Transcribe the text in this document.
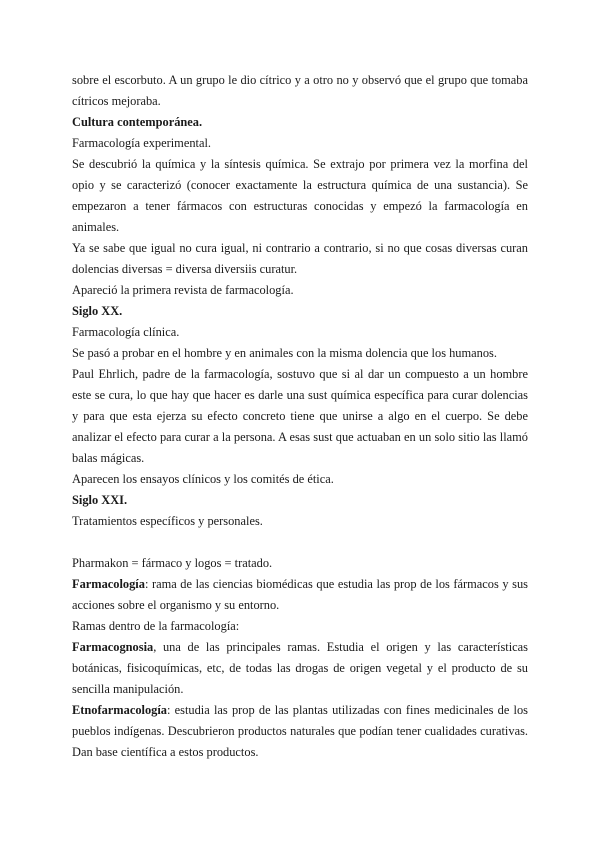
sobre el escorbuto. A un grupo le dio cítrico y a otro no y observó que el grupo que tomaba cítricos mejoraba.

Cultura contemporánea.

Farmacología experimental.

Se descubrió la química y la síntesis química. Se extrajo por primera vez la morfina del opio y se caracterizó (conocer exactamente la estructura química de una sustancia). Se empezaron a tener fármacos con estructuras conocidas y empezó la farmacología en animales.

Ya se sabe que igual no cura igual, ni contrario a contrario, si no que cosas diversas curan dolencias diversas = diversa diversiis curatur.

Apareció la primera revista de farmacología.

Siglo XX.

Farmacología clínica.

Se pasó a probar en el hombre y en animales con la misma dolencia que los humanos.

Paul Ehrlich, padre de la farmacología, sostuvo que si al dar un compuesto a un hombre este se cura, lo que hay que hacer es darle una sust química específica para curar dolencias y para que esta ejerza su efecto concreto tiene que unirse a algo en el cuerpo. Se debe analizar el efecto para curar a la persona. A esas sust que actuaban en un solo sitio las llamó balas mágicas.

Aparecen los ensayos clínicos y los comités de ética.

Siglo XXI.

Tratamientos específicos y personales.

Pharmakon = fármaco y logos = tratado.

Farmacología: rama de las ciencias biomédicas que estudia las prop de los fármacos y sus acciones sobre el organismo y su entorno.

Ramas dentro de la farmacología:

Farmacognosia, una de las principales ramas. Estudia el origen y las características botánicas, fisicoquímicas, etc, de todas las drogas de origen vegetal y el producto de su sencilla manipulación.

Etnofarmacología: estudia las prop de las plantas utilizadas con fines medicinales de los pueblos indígenas. Descubrieron productos naturales que podían tener cualidades curativas. Dan base científica a estos productos.
